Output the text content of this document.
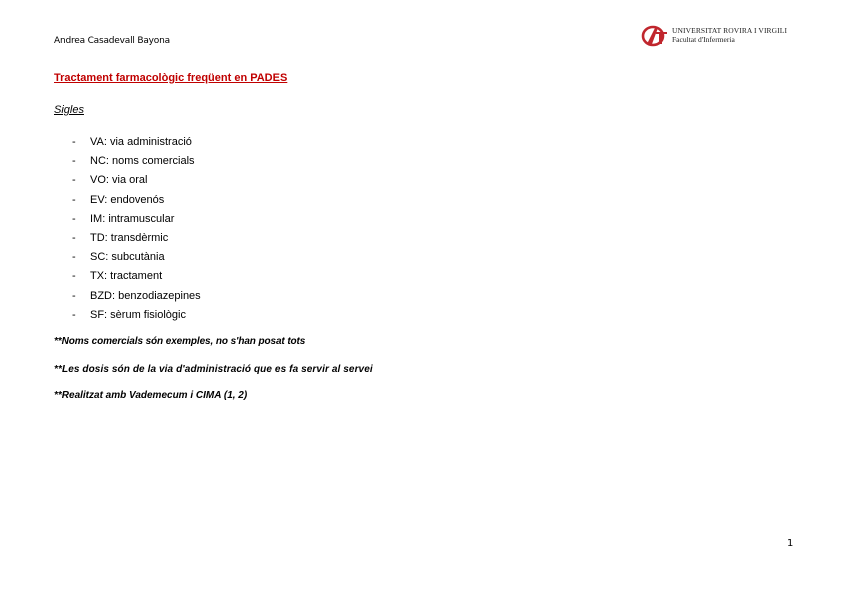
Andrea Casadevall Bayona
UNIVERSITAT ROVIRA I VIRGILI
Facultat d'Infermeria
Tractament farmacològic freqüent en PADES
Sigles
- VA: via administració
- NC: noms comercials
- VO: via oral
- EV: endovenós
- IM: intramuscular
- TD: transdèrmic
- SC: subcutània
- TX: tractament
- BZD: benzodiazepines
- SF: sèrum fisiològic
**Noms comercials són exemples, no s'han posat tots
**Les dosis són de la via d'administració que es fa servir al servei
**Realitzat amb Vademecum i CIMA (1, 2)
1
